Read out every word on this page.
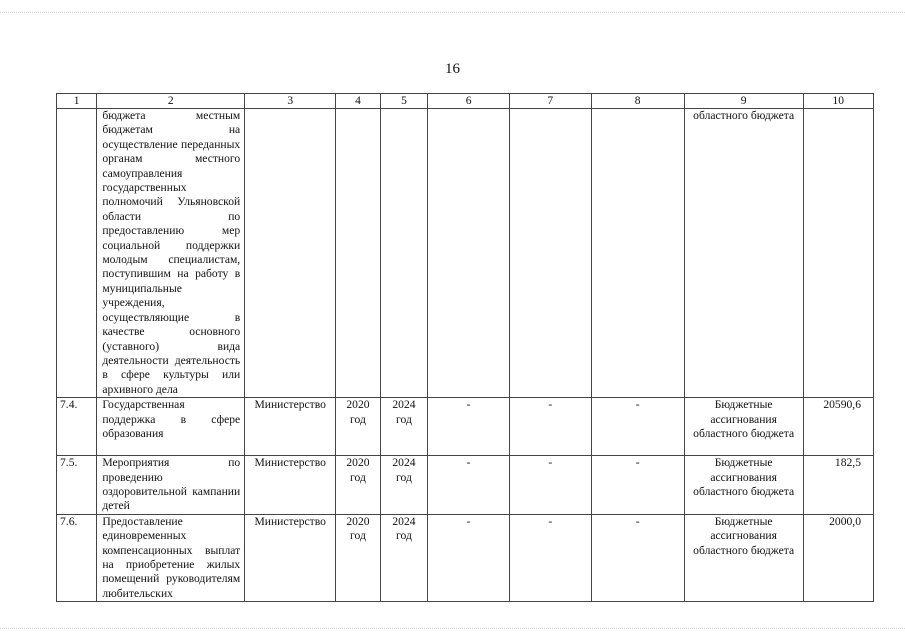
16
1	2	3	4	5	6	7	8	9	10
	бюджета местным бюджетам на осуществление переданных органам местного самоуправления государственных полномочий Ульяновской области по предоставлению мер социальной поддержки молодым специалистам, поступившим на работу в муниципальные учреждения, осуществляющие в качестве основного (уставного) вида деятельности деятельность в сфере культуры или архивного дела							областного бюджета	
7.4.	Государственная поддержка в сфере образования	Министерство	2020 год	2024 год	-	-	-	Бюджетные ассигнования областного бюджета	20590,6
7.5.	Мероприятия по проведению оздоровительной кампании детей	Министерство	2020 год	2024 год	-	-	-	Бюджетные ассигнования областного бюджета	182,5
7.6.	Предоставление единовременных компенсационных выплат на приобретение жилых помещений руководителям любительских	Министерство	2020 год	2024 год	-	-	-	Бюджетные ассигнования областного бюджета	2000,0
